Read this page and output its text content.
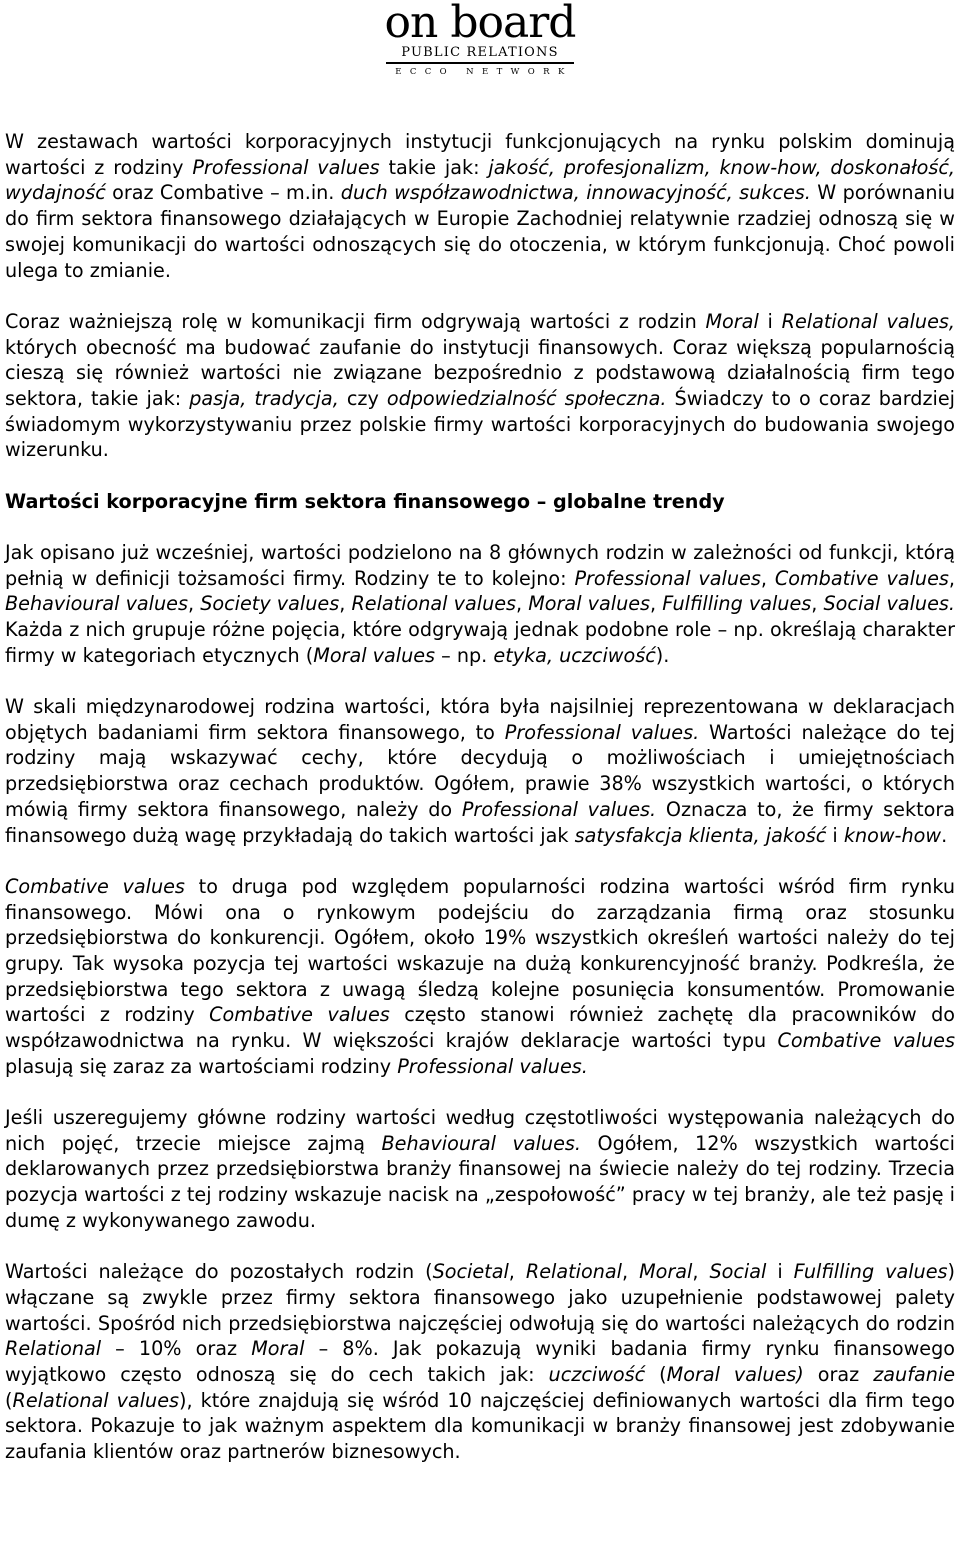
on board
PUBLIC RELATIONS
ECCO NETWORK

W zestawach wartości korporacyjnych instytucji funkcjonujących na rynku polskim dominują wartości z rodziny Professional values takie jak: jakość, profesjonalizm, know-how, doskonałość, wydajność oraz Combative – m.in. duch współzawodnictwa, innowacyjność, sukces. W porównaniu do firm sektora finansowego działających w Europie Zachodniej relatywnie rzadziej odnoszą się w swojej komunikacji do wartości odnoszących się do otoczenia, w którym funkcjonują. Choć powoli ulega to zmianie.

Coraz ważniejszą rolę w komunikacji firm odgrywają wartości z rodzin Moral i Relational values, których obecność ma budować zaufanie do instytucji finansowych. Coraz większą popularnością cieszą się również wartości nie związane bezpośrednio z podstawową działalnością firm tego sektora, takie jak: pasja, tradycja, czy odpowiedzialność społeczna. Świadczy to o coraz bardziej świadomym wykorzystywaniu przez polskie firmy wartości korporacyjnych do budowania swojego wizerunku.

Wartości korporacyjne firm sektora finansowego – globalne trendy

Jak opisano już wcześniej, wartości podzielono na 8 głównych rodzin w zależności od funkcji, którą pełnią w definicji tożsamości firmy. Rodziny te to kolejno: Professional values, Combative values, Behavioural values, Society values, Relational values, Moral values, Fulfilling values, Social values. Każda z nich grupuje różne pojęcia, które odgrywają jednak podobne role – np. określają charakter firmy w kategoriach etycznych (Moral values – np. etyka, uczciwość).

W skali międzynarodowej rodzina wartości, która była najsilniej reprezentowana w deklaracjach objętych badaniami firm sektora finansowego, to Professional values. Wartości należące do tej rodziny mają wskazywać cechy, które decydują o możliwościach i umiejętnościach przedsiębiorstwa oraz cechach produktów. Ogółem, prawie 38% wszystkich wartości, o których mówią firmy sektora finansowego, należy do Professional values. Oznacza to, że firmy sektora finansowego dużą wagę przykładają do takich wartości jak satysfakcja klienta, jakość i know-how.

Combative values to druga pod względem popularności rodzina wartości wśród firm rynku finansowego. Mówi ona o rynkowym podejściu do zarządzania firmą oraz stosunku przedsiębiorstwa do konkurencji. Ogółem, około 19% wszystkich określeń wartości należy do tej grupy. Tak wysoka pozycja tej wartości wskazuje na dużą konkurencyjność branży. Podkreśla, że przedsiębiorstwa tego sektora z uwagą śledzą kolejne posunięcia konsumentów. Promowanie wartości z rodziny Combative values często stanowi również zachętę dla pracowników do współzawodnictwa na rynku. W większości krajów deklaracje wartości typu Combative values plasują się zaraz za wartościami rodziny Professional values.

Jeśli uszeregujemy główne rodziny wartości według częstotliwości występowania należących do nich pojęć, trzecie miejsce zajmą Behavioural values. Ogółem, 12% wszystkich wartości deklarowanych przez przedsiębiorstwa branży finansowej na świecie należy do tej rodziny. Trzecia pozycja wartości z tej rodziny wskazuje nacisk na „zespołowość” pracy w tej branży, ale też pasję i dumę z wykonywanego zawodu.

Wartości należące do pozostałych rodzin (Societal, Relational, Moral, Social i Fulfilling values) włączane są zwykle przez firmy sektora finansowego jako uzupełnienie podstawowej palety wartości. Spośród nich przedsiębiorstwa najczęściej odwołują się do wartości należących do rodzin Relational – 10% oraz Moral – 8%. Jak pokazują wyniki badania firmy rynku finansowego wyjątkowo często odnoszą się do cech takich jak: uczciwość (Moral values) oraz zaufanie (Relational values), które znajdują się wśród 10 najczęściej definiowanych wartości dla firm tego sektora. Pokazuje to jak ważnym aspektem dla komunikacji w branży finansowej jest zdobywanie zaufania klientów oraz partnerów biznesowych.
